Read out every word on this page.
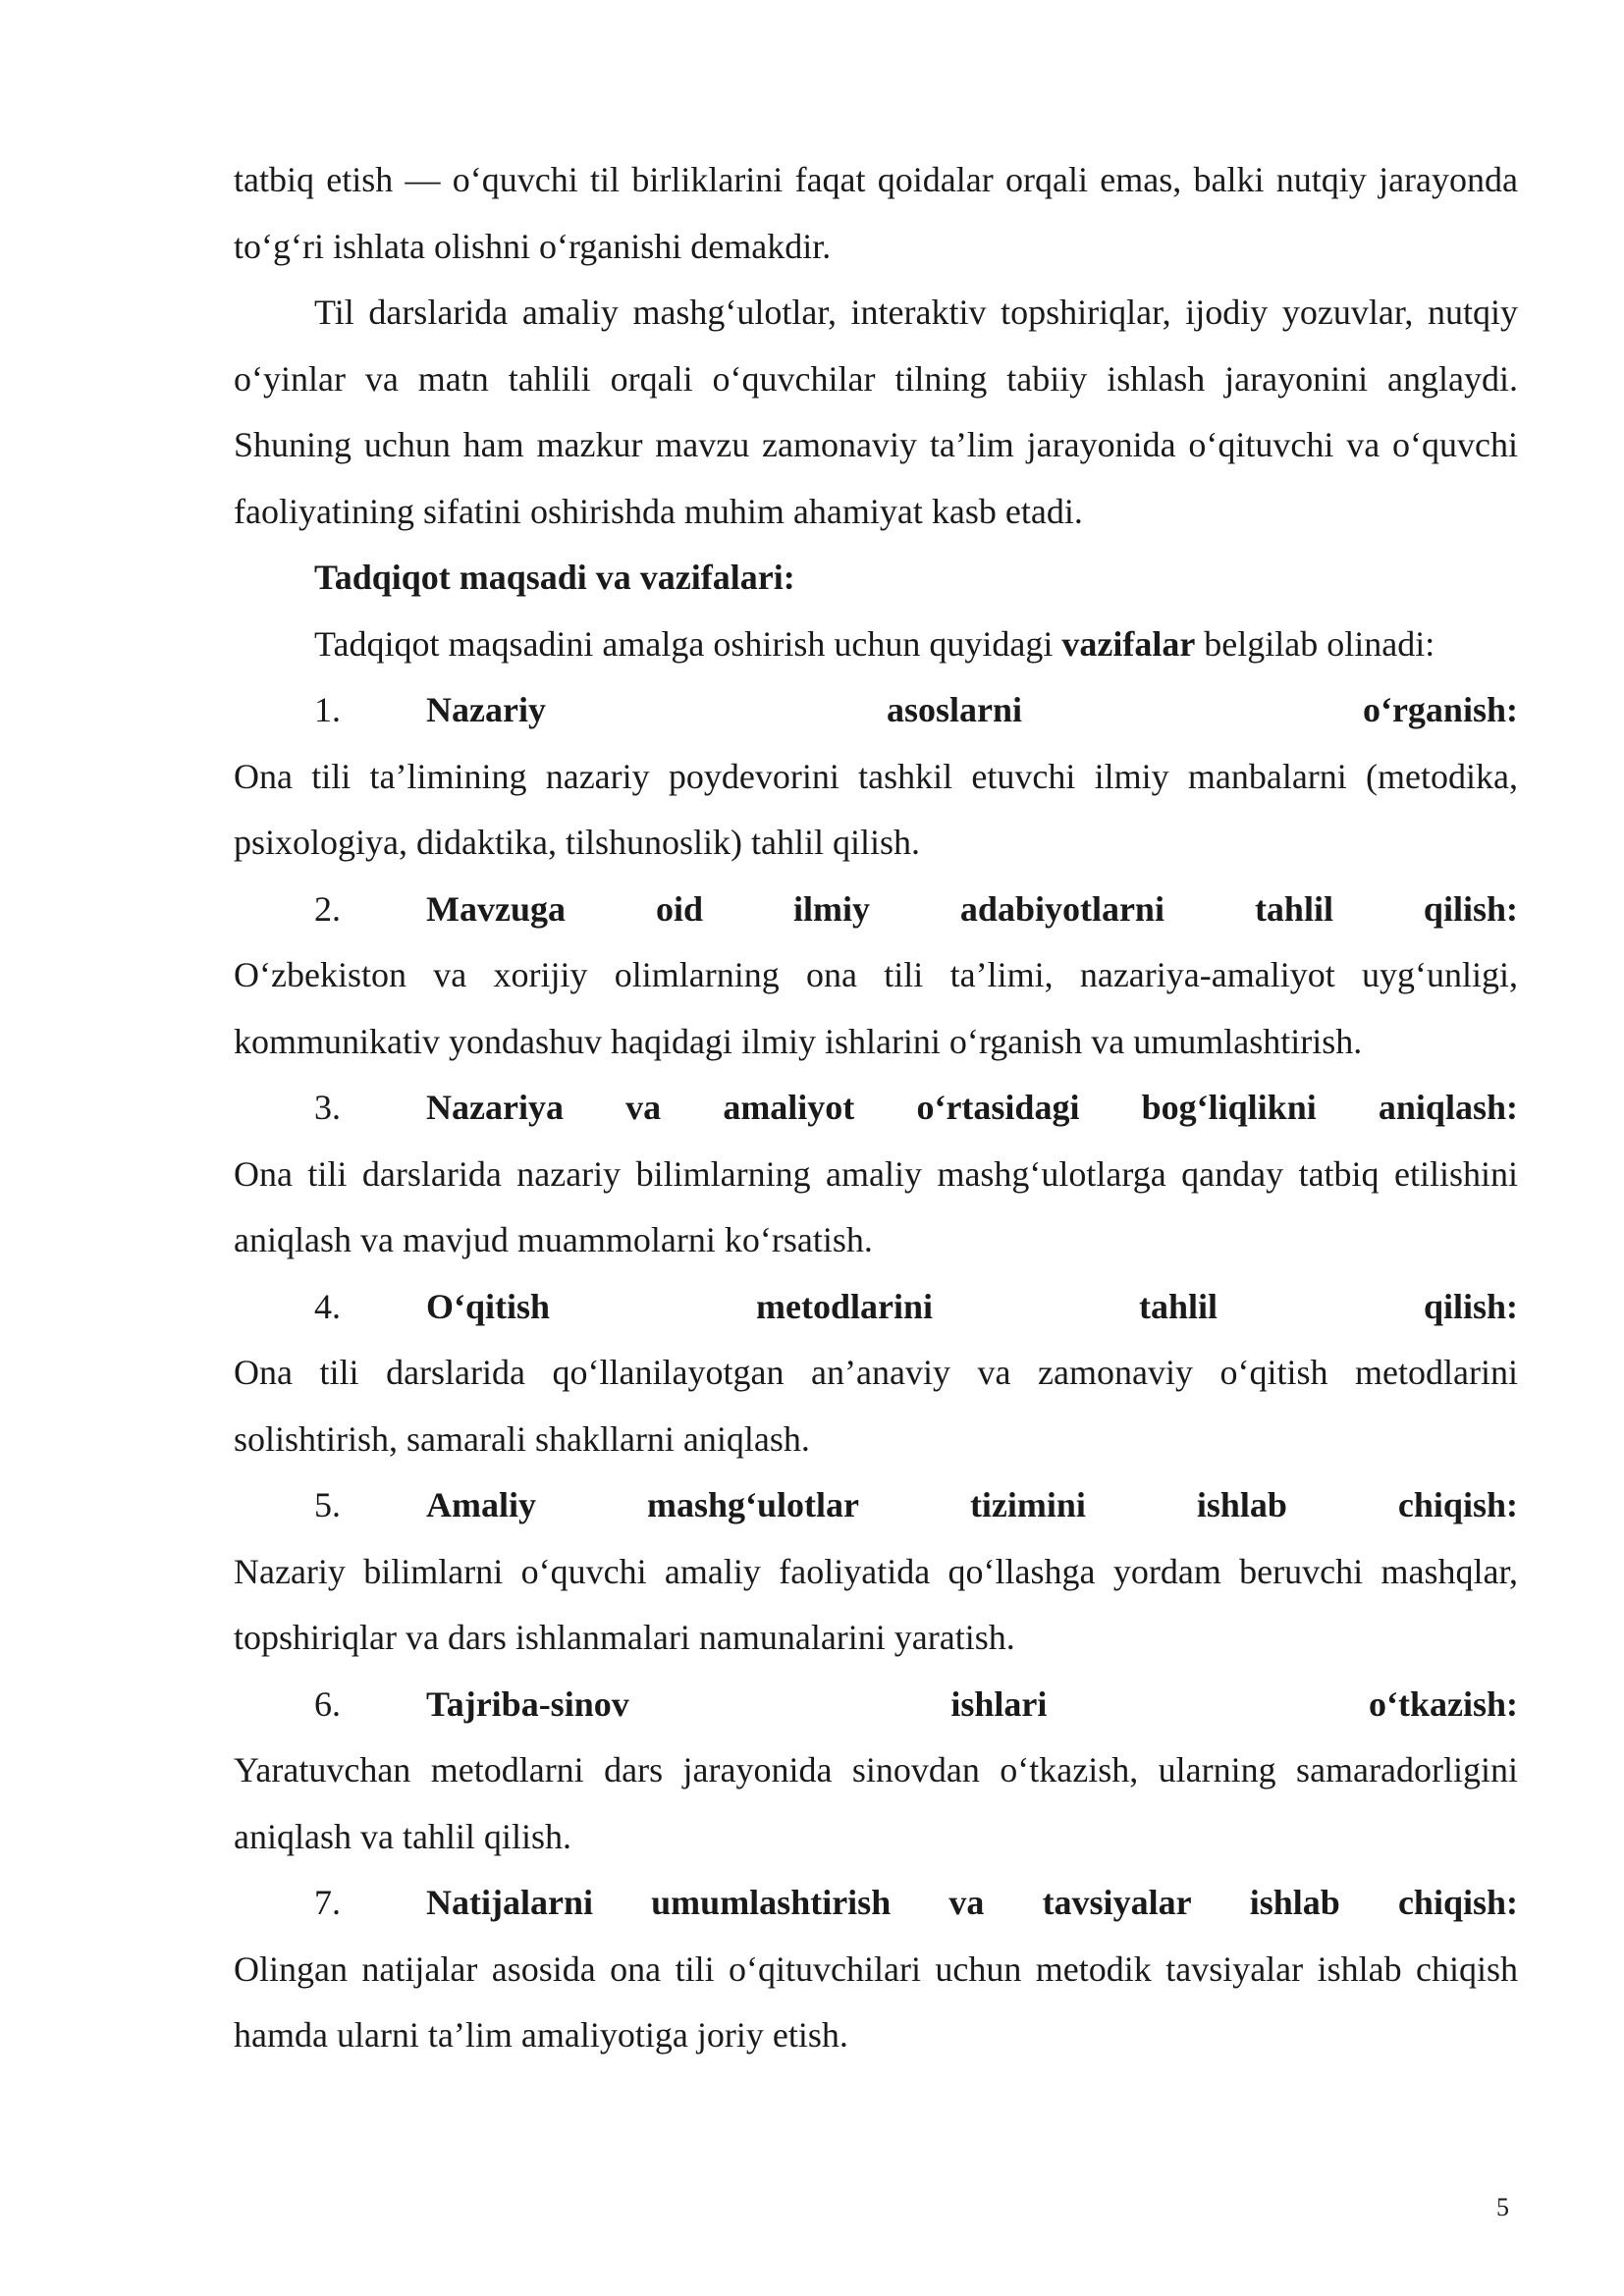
tatbiq etish — o‘quvchi til birliklarini faqat qoidalar orqali emas, balki nutqiy jarayonda to‘g‘ri ishlata olishni o‘rganishi demakdir.

Til darslarida amaliy mashg‘ulotlar, interaktiv topshiriqlar, ijodiy yozuvlar, nutqiy o‘yinlar va matn tahlili orqali o‘quvchilar tilning tabiiy ishlash jarayonini anglaydi. Shuning uchun ham mazkur mavzu zamonaviy ta’lim jarayonida o‘qituvchi va o‘quvchi faoliyatining sifatini oshirishda muhim ahamiyat kasb etadi.

Tadqiqot maqsadi va vazifalari:

Tadqiqot maqsadini amalga oshirish uchun quyidagi vazifalar belgilab olinadi:

1.	Nazariy	asoslarni	o‘rganish:

Ona tili ta’limining nazariy poydevorini tashkil etuvchi ilmiy manbalarni (metodika, psixologiya, didaktika, tilshunoslik) tahlil qilish.

2.	Mavzuga	oid	ilmiy	adabiyotlarni	tahlil	qilish:

O‘zbekiston va xorijiy olimlarning ona tili ta’limi, nazariya-amaliyot uyg‘unligi, kommunikativ yondashuv haqidagi ilmiy ishlarini o‘rganish va umumlashtirish.

3.	Nazariya va amaliyot o‘rtasidagi bog‘liqlikni aniqlash:

Ona tili darslarida nazariy bilimlarning amaliy mashg‘ulotlarga qanday tatbiq etilishini aniqlash va mavjud muammolarni ko‘rsatish.

4.	O‘qitish	metodlarini	tahlil	qilish:

Ona tili darslarida qo‘llanilayotgan an’anaviy va zamonaviy o‘qitish metodlarini solishtirish, samarali shakllarni aniqlash.

5.	Amaliy	mashg‘ulotlar	tizimini	ishlab	chiqish:

Nazariy bilimlarni o‘quvchi amaliy faoliyatida qo‘llashga yordam beruvchi mashqlar, topshiriqlar va dars ishlanmalari namunalarini yaratish.

6.	Tajriba-sinov	ishlari	o‘tkazish:

Yaratuvchan metodlarni dars jarayonida sinovdan o‘tkazish, ularning samaradorligini aniqlash va tahlil qilish.

7.	Natijalarni umumlashtirish va tavsiyalar ishlab chiqish:

Olingan natijalar asosida ona tili o‘qituvchilari uchun metodik tavsiyalar ishlab chiqish hamda ularni ta’lim amaliyotiga joriy etish.

5
